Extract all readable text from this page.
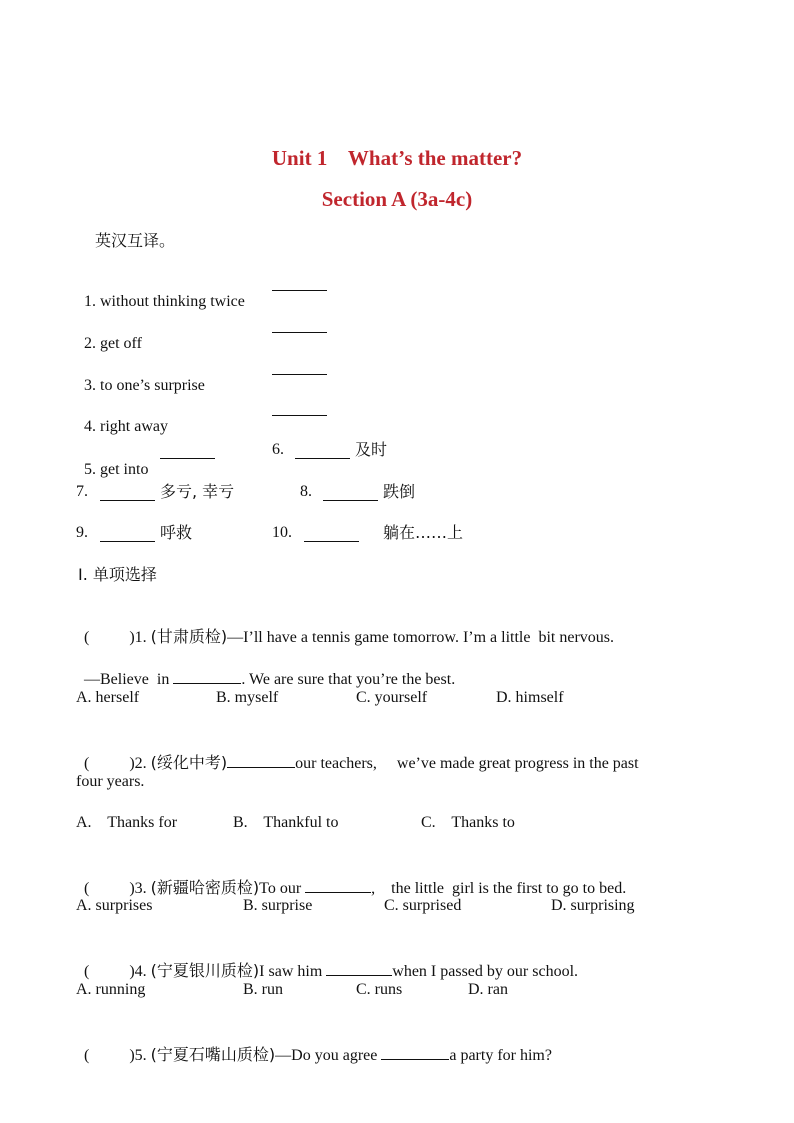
Unit 1    What’s the matter?
Section A (3a-4c)
英汉互译。

1. without thinking twice

2. get off

3. to one’s surprise

4. right away

5. get into

6.	及时
7.	多亏, 幸亏	8.	跌倒
9.	呼救	10.	躺在……上
Ⅰ. 单项选择

(          )1. (甘肃质检)—I’ll have a tennis game tomorrow. I’m a little  bit nervous.

—Believe  in	. We are sure that you’re the best.

A. herself	B. myself	C. yourself	D. himself

(          )2. (绥化中考)	our teachers,     we’ve made great progress in the past

four years.
A.    Thanks for	B.    Thankful to	C.    Thanks to

(          )3. (新疆哈密质检)To our	,    the little  girl is the first to go to bed.

A. surprises	B. surprise	C. surprised	D. surprising

(          )4. (宁夏银川质检)I saw him	when I passed by our school.

A. running	B. run	C. runs	D. ran

(          )5. (宁夏石嘴山质检)—Do you agree	a party for him?
